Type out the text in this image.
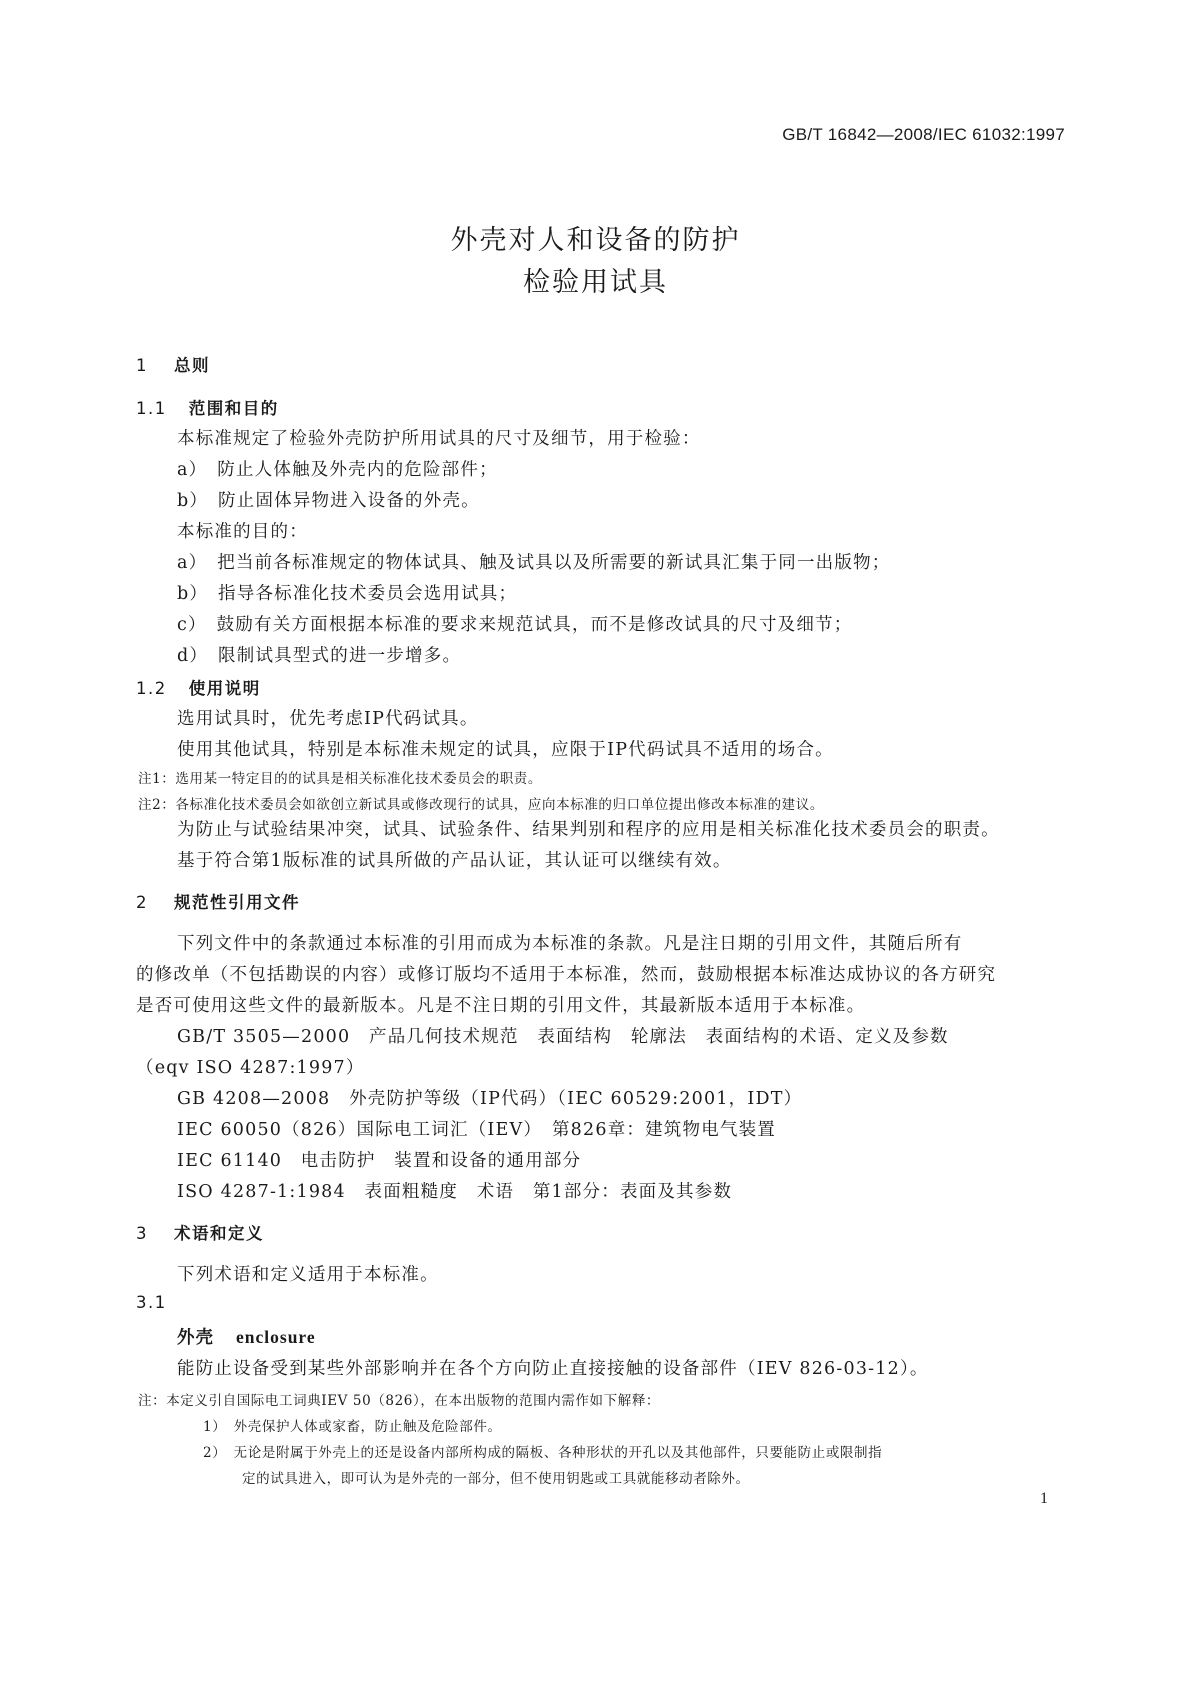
GB/T 16842—2008/IEC 61032:1997
外壳对人和设备的防护
检验用试具
1 总则
1.1 范围和目的
本标准规定了检验外壳防护所用试具的尺寸及细节，用于检验：
a）　防止人体触及外壳内的危险部件；
b）　防止固体异物进入设备的外壳。
本标准的目的：
a）　把当前各标准规定的物体试具、触及试具以及所需要的新试具汇集于同一出版物；
b）　指导各标准化技术委员会选用试具；
c）　鼓励有关方面根据本标准的要求来规范试具，而不是修改试具的尺寸及细节；
d）　限制试具型式的进一步增多。
1.2 使用说明
选用试具时，优先考虑IP代码试具。
使用其他试具，特别是本标准未规定的试具，应限于IP代码试具不适用的场合。
注1：选用某一特定目的的试具是相关标准化技术委员会的职责。
注2：各标准化技术委员会如欲创立新试具或修改现行的试具，应向本标准的归口单位提出修改本标准的建议。
为防止与试验结果冲突，试具、试验条件、结果判别和程序的应用是相关标准化技术委员会的职责。
基于符合第1版标准的试具所做的产品认证，其认证可以继续有效。
2 规范性引用文件
下列文件中的条款通过本标准的引用而成为本标准的条款。凡是注日期的引用文件，其随后所有
的修改单（不包括勘误的内容）或修订版均不适用于本标准，然而，鼓励根据本标准达成协议的各方研究
是否可使用这些文件的最新版本。凡是不注日期的引用文件，其最新版本适用于本标准。
GB/T 3505—2000　产品几何技术规范　表面结构　轮廓法　表面结构的术语、定义及参数
（eqv ISO 4287:1997）
GB 4208—2008　外壳防护等级（IP代码）（IEC 60529:2001，IDT）
IEC 60050（826）国际电工词汇（IEV）　第826章：建筑物电气装置
IEC 61140　电击防护　装置和设备的通用部分
ISO 4287-1:1984　表面粗糙度　术语　第1部分：表面及其参数
3 术语和定义
下列术语和定义适用于本标准。
3.1
外壳 enclosure
能防止设备受到某些外部影响并在各个方向防止直接接触的设备部件（IEV 826-03-12）。
注：本定义引自国际电工词典IEV 50（826），在本出版物的范围内需作如下解释：
1）　外壳保护人体或家畜，防止触及危险部件。
2）　无论是附属于外壳上的还是设备内部所构成的隔板、各种形状的开孔以及其他部件，只要能防止或限制指
定的试具进入，即可认为是外壳的一部分，但不使用钥匙或工具就能移动者除外。
1
